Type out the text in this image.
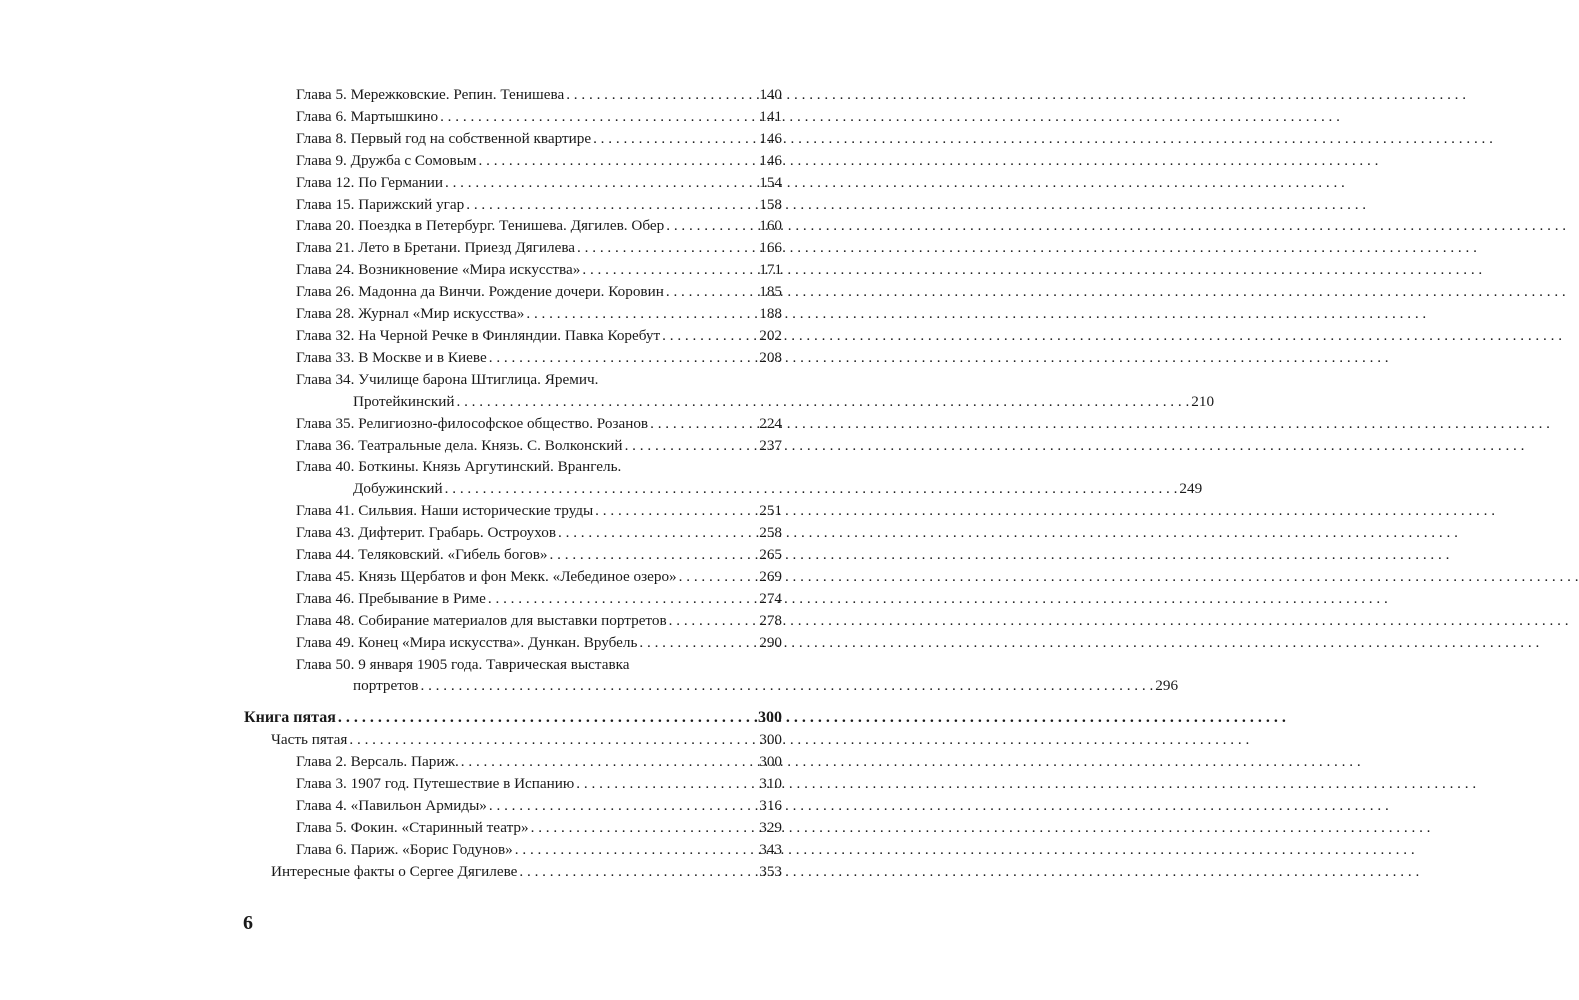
Глава 5. Мережковские. Репин. Тенишева . . .	140
Глава 6. Мартышкино . . .	141
Глава 8. Первый год на собственной квартире . . .	146
Глава 9. Дружба с Сомовым . . .	146
Глава 12. По Германии . . .	154
Глава 15. Парижский угар . . .	158
Глава 20. Поездка в Петербург. Тенишева. Дягилев. Обер . . .	160
Глава 21. Лето в Бретани. Приезд Дягилева . . .	166
Глава 24. Возникновение «Мира искусства» . . .	171
Глава 26. Мадонна да Винчи. Рождение дочери. Коровин . . .	185
Глава 28. Журнал «Мир искусства» . . .	188
Глава 32. На Черной Речке в Финляндии. Павка Коребут . . .	202
Глава 33. В Москве и в Киеве . . .	208
Глава 34. Училище барона Штиглица. Яремич.
Протейкинский . . .	210
Глава 35. Религиозно-философское общество. Розанов . . .	224
Глава 36. Театральные дела. Князь. С. Волконский . . .	237
Глава 40. Боткины. Князь Аргутинский. Врангель.
Добужинский . . .	249
Глава 41. Сильвия. Наши исторические труды . . .	251
Глава 43. Дифтерит. Грабарь. Остроухов . . .	258
Глава 44. Теляковский. «Гибель богов» . . .	265
Глава 45. Князь Щербатов и фон Мекк. «Лебединое озеро» . . .	269
Глава 46. Пребывание в Риме . . .	274
Глава 48. Собирание материалов для выставки портретов . . .	278
Глава 49. Конец «Мира искусства». Дункан. Врубель . . .	290
Глава 50. 9 января 1905 года. Таврическая выставка
портретов . . .	296
Книга пятая . . .	300
Часть пятая . . .	300
Глава 2. Версаль. Париж. . . .	300
Глава 3. 1907 год. Путешествие в Испанию . . .	310
Глава 4. «Павильон Армиды» . . .	316
Глава 5. Фокин. «Старинный театр» . . .	329
Глава 6. Париж. «Борис Годунов» . . .	343
Интересные факты о Сергее Дягилеве . . .	353
6
